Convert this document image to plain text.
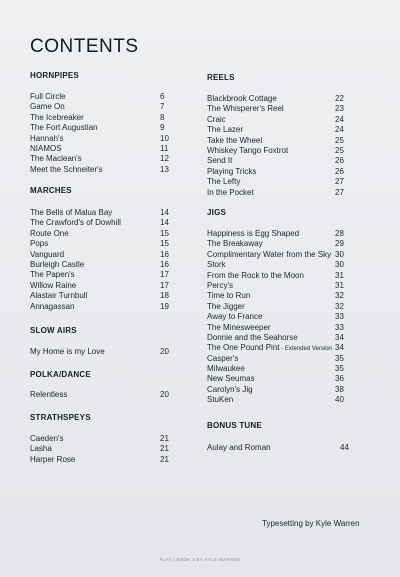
CONTENTS
HORNPIPES
Full Circle	6
Game On	7
The Icebreaker	8
The Fort Augustian	9
Hannah's	10
NIAMOS	11
The Maclean's	12
Meet the Schneiter's	13
MARCHES
The Bells of Malua Bay	14
The Crawford's of Dowhill	14
Route One	15
Pops	15
Vanguard	16
Burleigh Castle	16
The Papen's	17
Willow Raine	17
Alastair Turnbull	18
Annagassan	19
SLOW AIRS
My Home is my Love	20
POLKA/DANCE
Relentless	20
STRATHSPEYS
Caeden's	21
Lasha	21
Harper Rose	21
REELS
Blackbrook Cottage	22
The Whisperer's Reel	23
Craic	24
The Lazer	24
Take the Wheel	25
Whiskey Tango Foxtrot	25
Send It	26
Playing Tricks	26
The Lefty	27
In the Pocket	27
JIGS
Happiness is Egg Shaped	28
The Breakaway	29
Complimentary Water from the Sky 30
Stork	30
From the Rock to the Moon	31
Percy's	31
Time to Run	32
The Jigger	32
Away to France	33
The Minesweeper	33
Donnie and the Seahorse	34
The One Pound Pint - Extended Version 34
Casper's	35
Milwaukee	35
New Seumas	36
Carolyn's Jig	38
StuKen	40
BONUS TUNE
Aulay and Roman	44
Typesetting by Kyle Warren
PLAY | BOOK 3 BY KYLE WARREN
